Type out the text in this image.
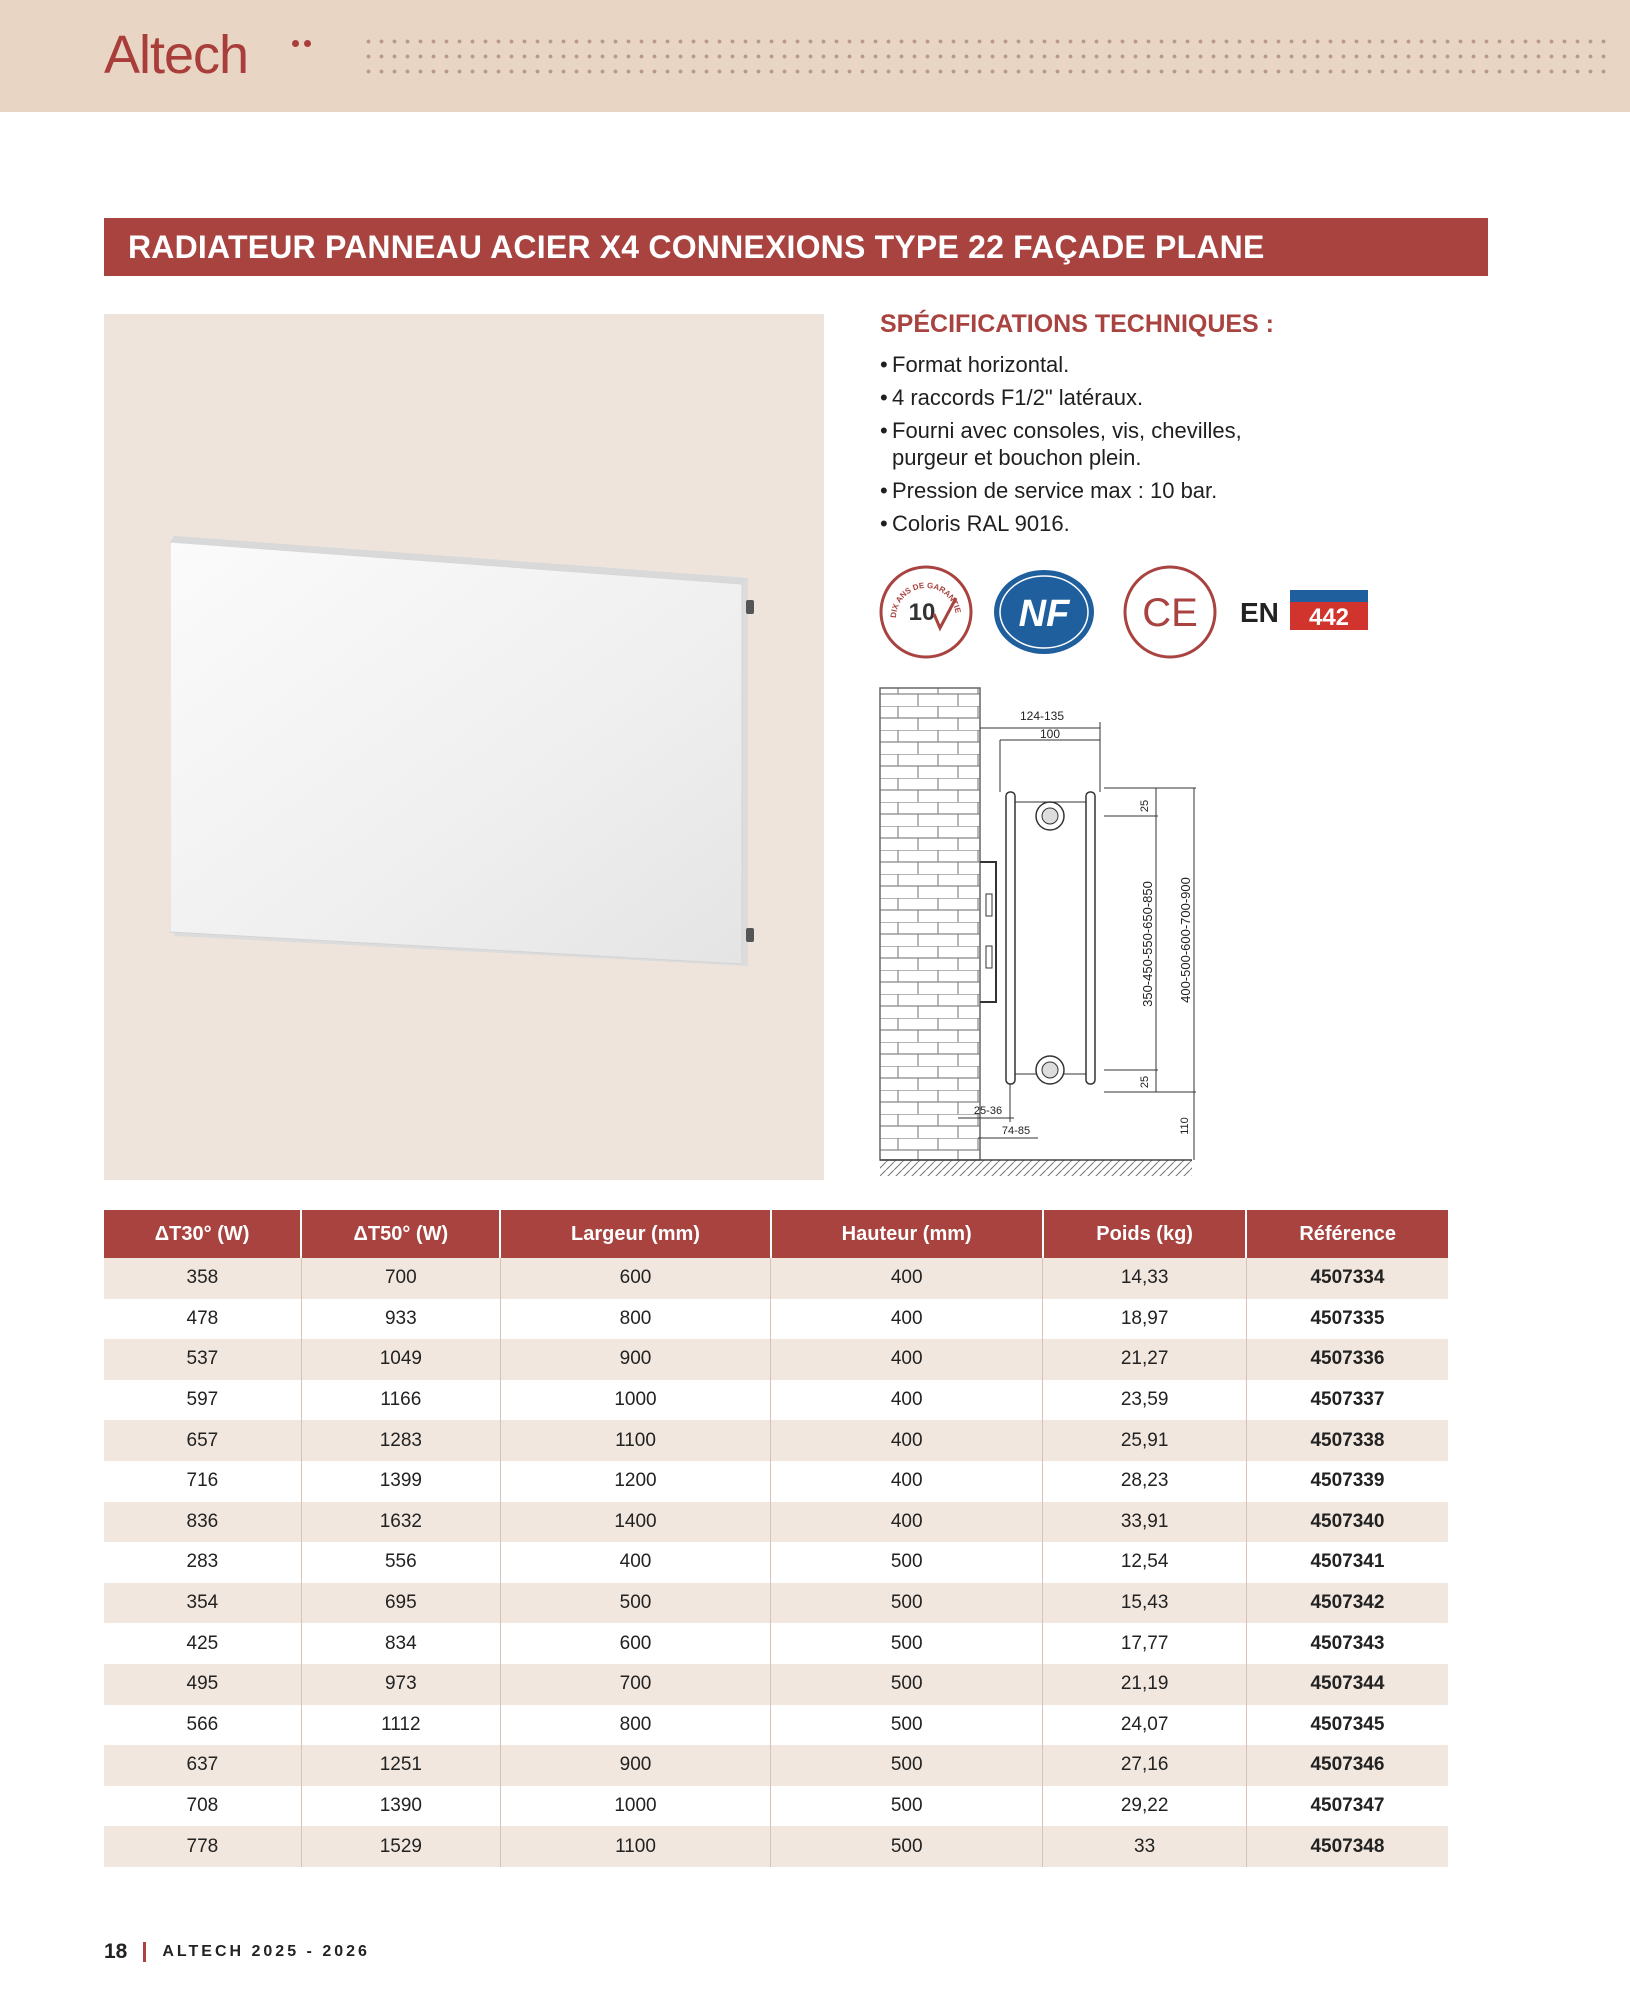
Altech
RADIATEUR PANNEAU ACIER X4 CONNEXIONS TYPE 22 FAÇADE PLANE
SPÉCIFICATIONS TECHNIQUES :
• Format horizontal.
• 4 raccords F1/2" latéraux.
• Fourni avec consoles, vis, chevilles, purgeur et bouchon plein.
• Pression de service max : 10 bar.
• Coloris RAL 9016.
DIX ANS DE GARANTIE
10 NF CE EN 442
124-135
100
25
25
350-450-550-650-850 400-500-600-700-900
110
25-36
74-85
ΔT30° (W)	ΔT50° (W)	Largeur (mm)	Hauteur (mm)	Poids (kg)	Référence
358	700	600	400	14,33	4507334
478	933	800	400	18,97	4507335
537	1049	900	400	21,27	4507336
597	1166	1000	400	23,59	4507337
657	1283	1100	400	25,91	4507338
716	1399	1200	400	28,23	4507339
836	1632	1400	400	33,91	4507340
283	556	400	500	12,54	4507341
354	695	500	500	15,43	4507342
425	834	600	500	17,77	4507343
495	973	700	500	21,19	4507344
566	1112	800	500	24,07	4507345
637	1251	900	500	27,16	4507346
708	1390	1000	500	29,22	4507347
778	1529	1100	500	33	4507348
18 ALTECH 2025 - 2026
